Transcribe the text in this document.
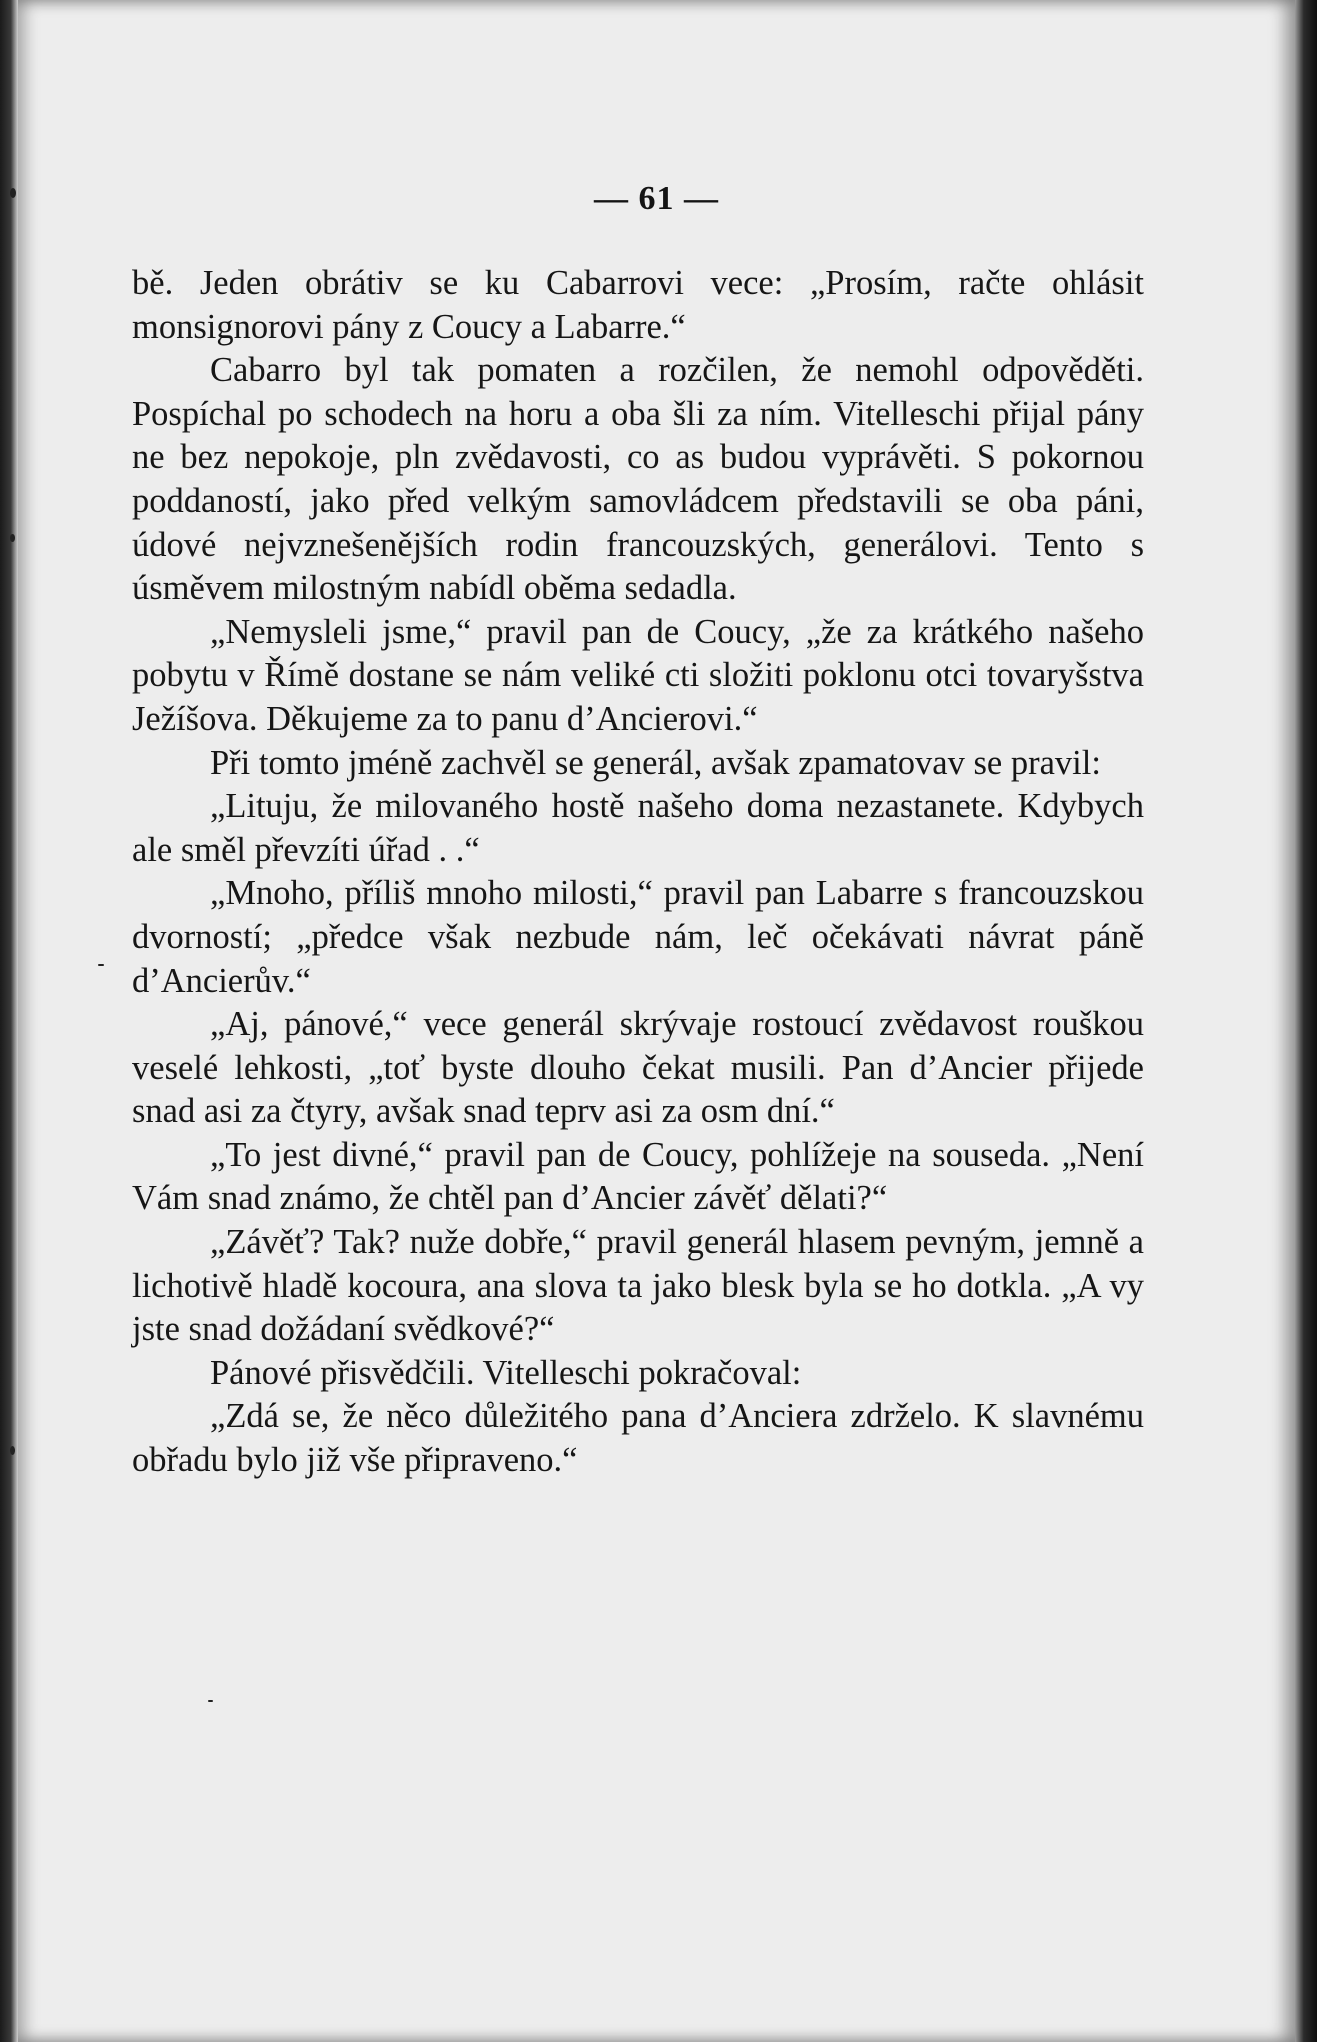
— 61 —

bě. Jeden obrátiv se ku Cabarrovi vece: „Prosím, račte ohlásit monsignorovi pány z Coucy a Labarre.“

Cabarro byl tak pomaten a rozčilen, že nemohl odpověděti. Pospíchal po schodech na horu a oba šli za ním. Vitelleschi přijal pány ne bez nepokoje, pln zvědavosti, co as budou vyprávěti. S pokornou poddaností, jako před velkým samovládcem představili se oba páni, údové nejvznešenějších rodin francouzských, generálovi. Tento s úsměvem milostným nabídl oběma sedadla.

„Nemysleli jsme,“ pravil pan de Coucy, „že za krátkého našeho pobytu v Římě dostane se nám veliké cti složiti poklonu otci tovaryšstva Ježíšova. Děkujeme za to panu d’Ancierovi.“

Při tomto jméně zachvěl se generál, avšak zpamatovav se pravil:

„Lituju, že milovaného hostě našeho doma nezastanete. Kdybych ale směl převzíti úřad . .“

„Mnoho, příliš mnoho milosti,“ pravil pan Labarre s francouzskou dvorností; „předce však nezbude nám, leč očekávati návrat páně d’Ancierův.“

„Aj, pánové,“ vece generál skrývaje rostoucí zvědavost rouškou veselé lehkosti, „toť byste dlouho čekat musili. Pan d’Ancier přijede snad asi za čtyry, avšak snad teprv asi za osm dní.“

„To jest divné,“ pravil pan de Coucy, pohlížeje na souseda. „Není Vám snad známo, že chtěl pan d’Ancier závěť dělati?“

„Závěť? Tak? nuže dobře,“ pravil generál hlasem pevným, jemně a lichotivě hladě kocoura, ana slova ta jako blesk byla se ho dotkla. „A vy jste snad dožádaní svědkové?“

Pánové přisvědčili. Vitelleschi pokračoval:

„Zdá se, že něco důležitého pana d’Anciera zdrželo. K slavnému obřadu bylo již vše připraveno.“
